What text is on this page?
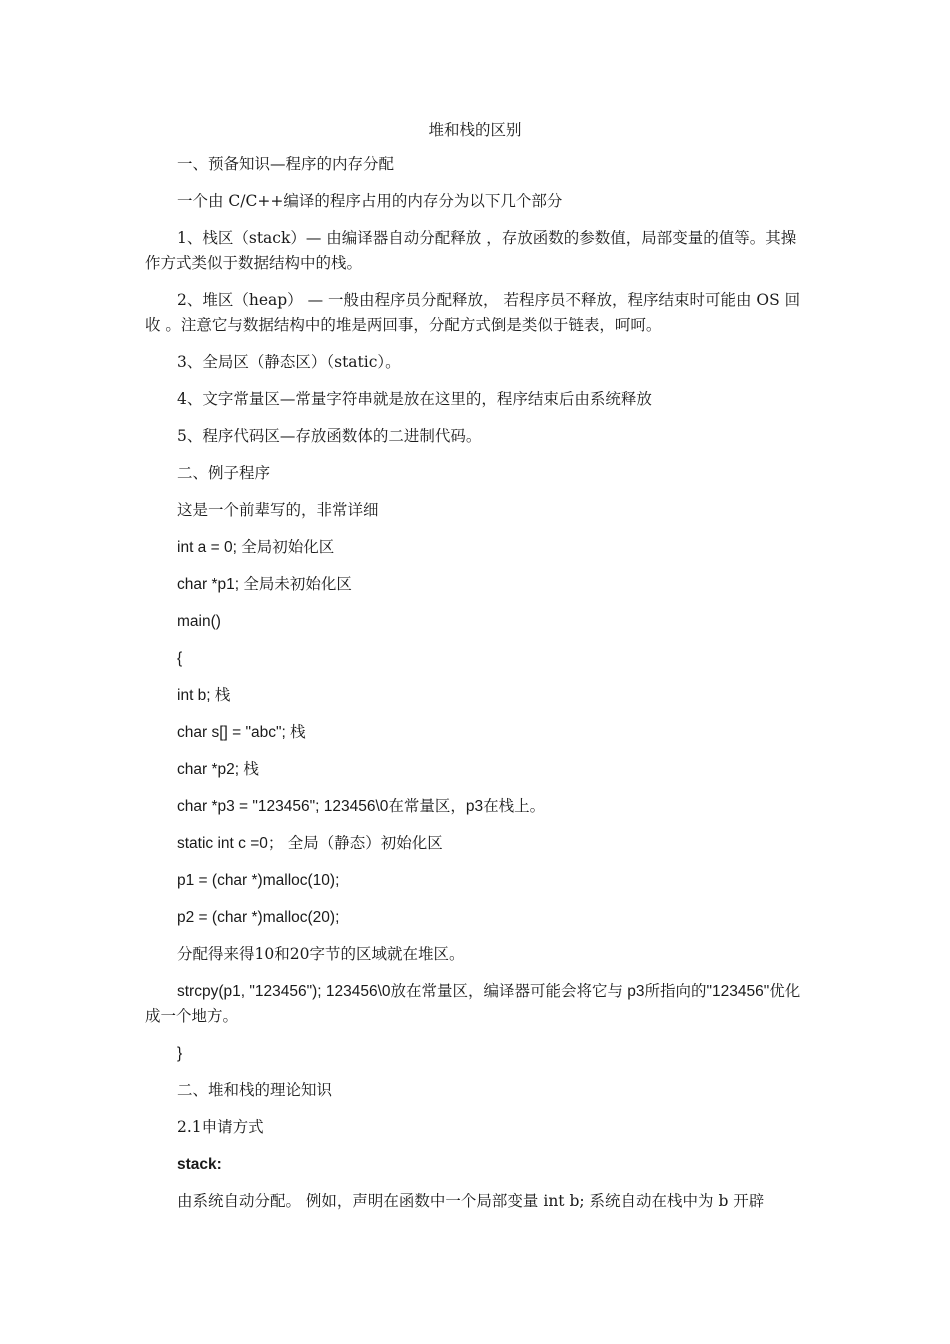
堆和栈的区别
一、预备知识—程序的内存分配
一个由 C/C++编译的程序占用的内存分为以下几个部分
1、栈区（stack）— 由编译器自动分配释放 ，存放函数的参数值，局部变量的值等。其操作方式类似于数据结构中的栈。
2、堆区（heap） — 一般由程序员分配释放， 若程序员不释放，程序结束时可能由 OS 回收 。注意它与数据结构中的堆是两回事，分配方式倒是类似于链表，呵呵。
3、全局区（静态区）（static）。
4、文字常量区—常量字符串就是放在这里的，程序结束后由系统释放
5、程序代码区—存放函数体的二进制代码。
二、例子程序
这是一个前辈写的，非常详细
int a = 0; 全局初始化区
char *p1; 全局未初始化区
main()
{
int b; 栈
char s[] = "abc"; 栈
char *p2; 栈
char *p3 = "123456"; 123456\0在常量区，p3在栈上。
static int c =0； 全局（静态）初始化区
p1 = (char *)malloc(10);
p2 = (char *)malloc(20);
分配得来得10和20字节的区域就在堆区。
strcpy(p1, "123456"); 123456\0放在常量区，编译器可能会将它与 p3所指向的"123456"优化成一个地方。
}
二、堆和栈的理论知识
2.1申请方式
stack:
由系统自动分配。 例如，声明在函数中一个局部变量 int b; 系统自动在栈中为 b 开辟
